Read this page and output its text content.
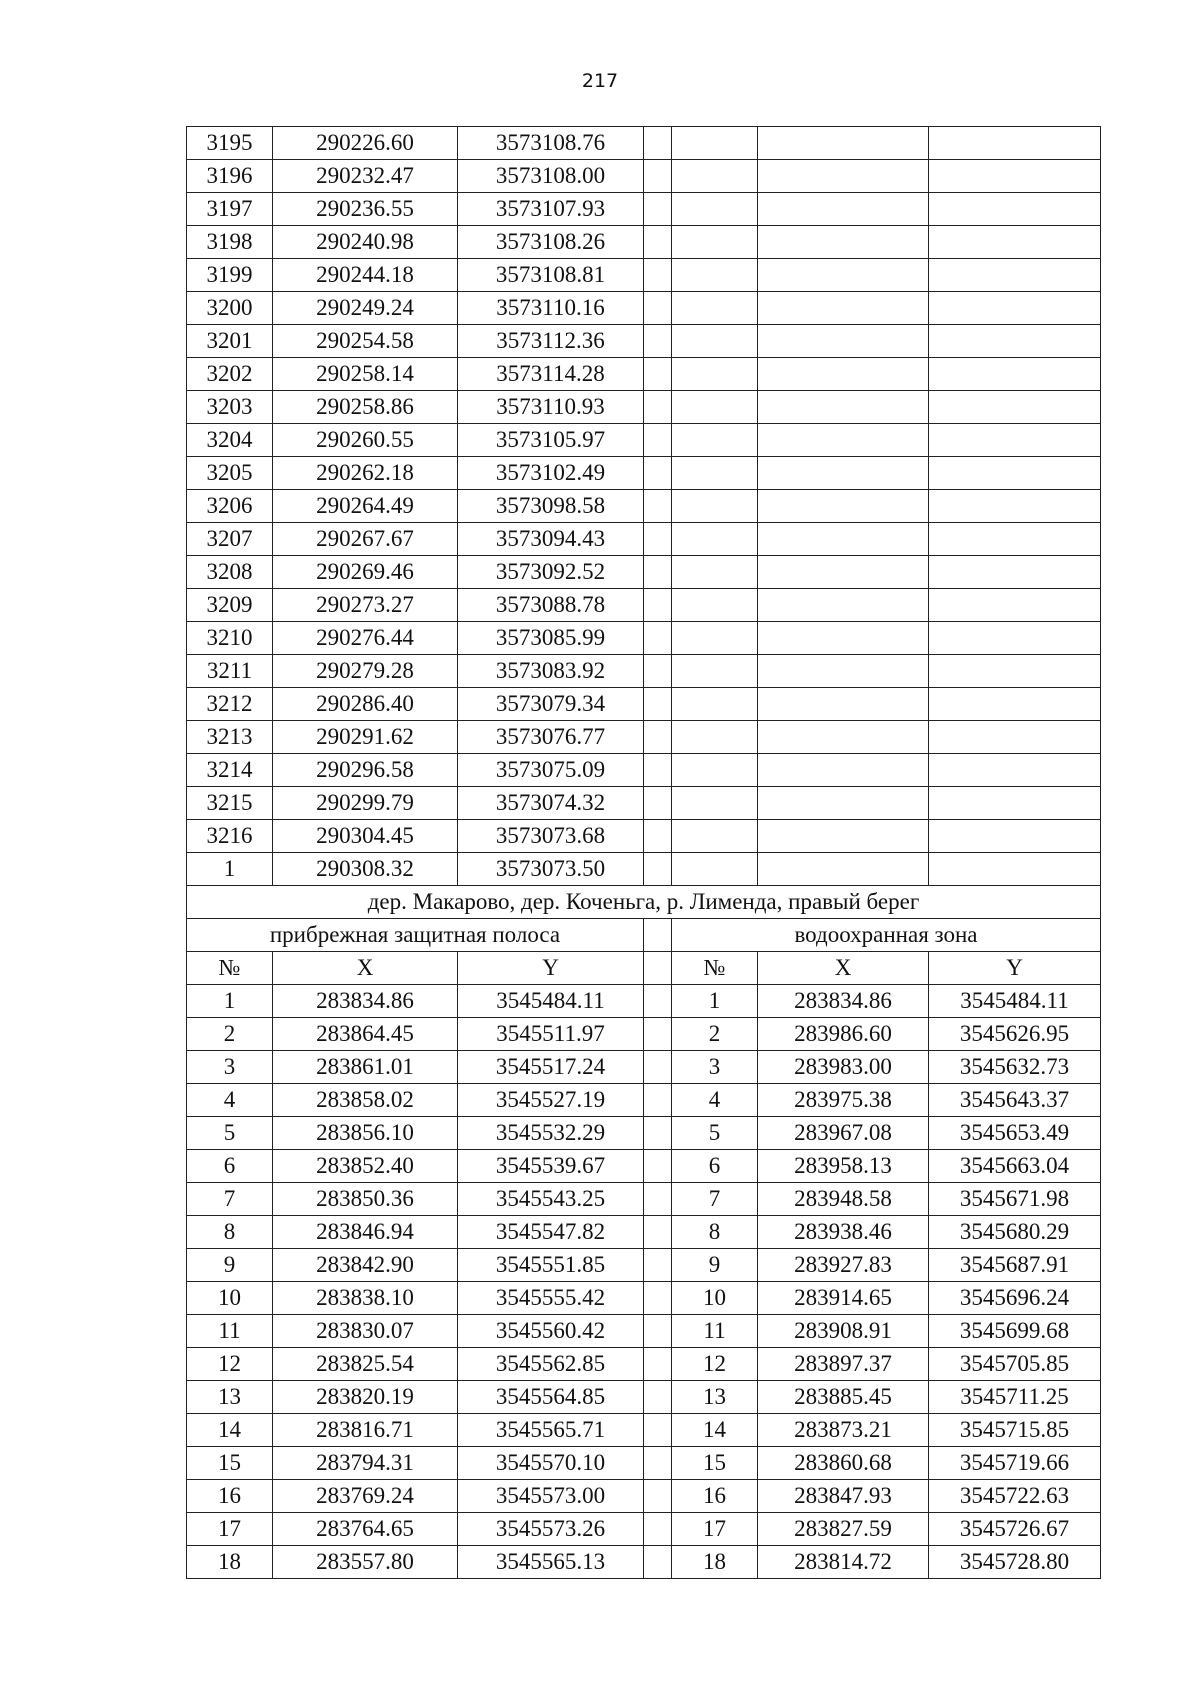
217
3195	290226.60	3573108.76				
3196	290232.47	3573108.00				
3197	290236.55	3573107.93				
3198	290240.98	3573108.26				
3199	290244.18	3573108.81				
3200	290249.24	3573110.16				
3201	290254.58	3573112.36				
3202	290258.14	3573114.28				
3203	290258.86	3573110.93				
3204	290260.55	3573105.97				
3205	290262.18	3573102.49				
3206	290264.49	3573098.58				
3207	290267.67	3573094.43				
3208	290269.46	3573092.52				
3209	290273.27	3573088.78				
3210	290276.44	3573085.99				
3211	290279.28	3573083.92				
3212	290286.40	3573079.34				
3213	290291.62	3573076.77				
3214	290296.58	3573075.09				
3215	290299.79	3573074.32				
3216	290304.45	3573073.68				
1	290308.32	3573073.50				
дер. Макарово, дер. Коченьга, р. Лименда, правый берег						
прибрежная защитная полоса				водоохранная зона		
№	X	Y		№	X	Y
1	283834.86	3545484.11		1	283834.86	3545484.11
2	283864.45	3545511.97		2	283986.60	3545626.95
3	283861.01	3545517.24		3	283983.00	3545632.73
4	283858.02	3545527.19		4	283975.38	3545643.37
5	283856.10	3545532.29		5	283967.08	3545653.49
6	283852.40	3545539.67		6	283958.13	3545663.04
7	283850.36	3545543.25		7	283948.58	3545671.98
8	283846.94	3545547.82		8	283938.46	3545680.29
9	283842.90	3545551.85		9	283927.83	3545687.91
10	283838.10	3545555.42		10	283914.65	3545696.24
11	283830.07	3545560.42		11	283908.91	3545699.68
12	283825.54	3545562.85		12	283897.37	3545705.85
13	283820.19	3545564.85		13	283885.45	3545711.25
14	283816.71	3545565.71		14	283873.21	3545715.85
15	283794.31	3545570.10		15	283860.68	3545719.66
16	283769.24	3545573.00		16	283847.93	3545722.63
17	283764.65	3545573.26		17	283827.59	3545726.67
18	283557.80	3545565.13		18	283814.72	3545728.80
